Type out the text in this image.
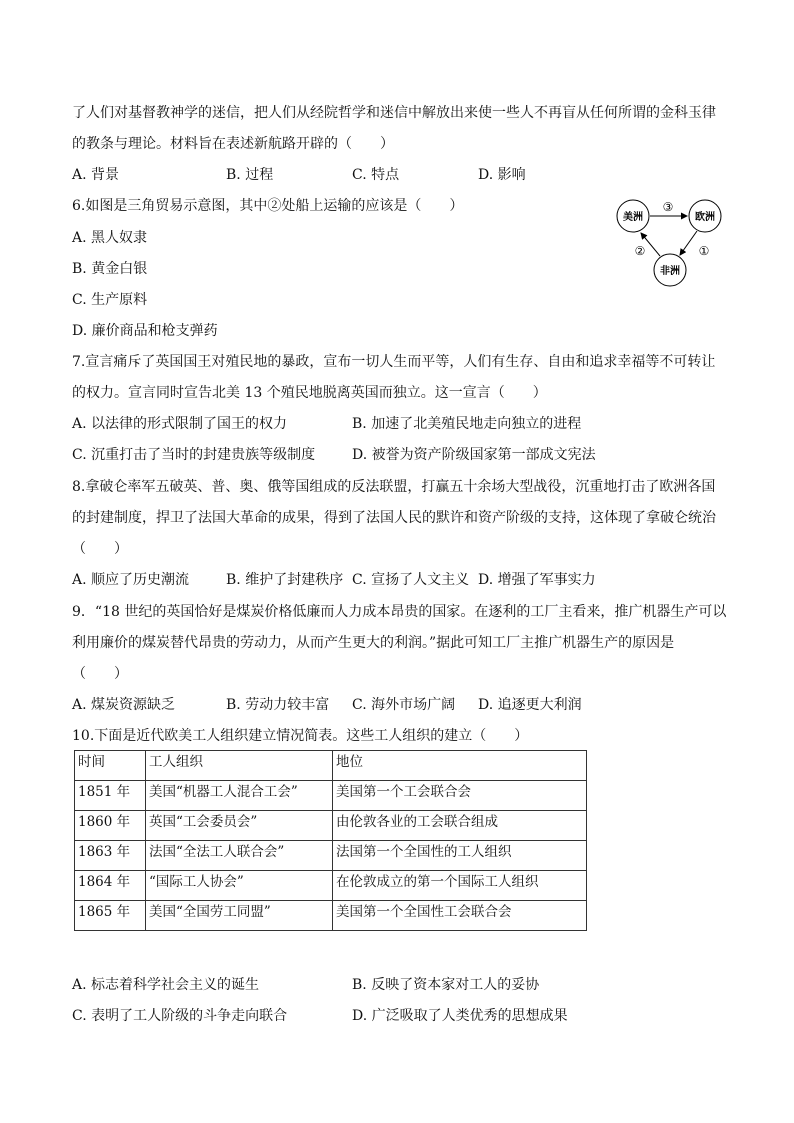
了人们对基督教神学的迷信，把人们从经院哲学和迷信中解放出来使一些人不再盲从任何所谓的金科玉律
的教条与理论。材料旨在表述新航路开辟的（　　）
A. 背景	B. 过程	C. 特点	D. 影响
6.如图是三角贸易示意图，其中②处船上运输的应该是（　　）
A. 黑人奴隶
B. 黄金白银
C. 生产原料
D. 廉价商品和枪支弹药
美洲	欧洲
非洲
③
①
②
7.宣言痛斥了英国国王对殖民地的暴政，宣布一切人生而平等，人们有生存、自由和追求幸福等不可转让
的权力。宣言同时宣告北美 13 个殖民地脱离英国而独立。这一宣言（　　）
A. 以法律的形式限制了国王的权力	B. 加速了北美殖民地走向独立的进程
C. 沉重打击了当时的封建贵族等级制度	D. 被誉为资产阶级国家第一部成文宪法
8.拿破仑率军五破英、普、奥、俄等国组成的反法联盟，打赢五十余场大型战役，沉重地打击了欧洲各国
的封建制度，捍卫了法国大革命的成果，得到了法国人民的默许和资产阶级的支持，这体现了拿破仑统治
（　　）
A. 顺应了历史潮流	B. 维护了封建秩序 C. 宣扬了人文主义 D. 增强了军事实力
9．“18 世纪的英国恰好是煤炭价格低廉而人力成本昂贵的国家。在逐利的工厂主看来，推广机器生产可以
利用廉价的煤炭替代昂贵的劳动力，从而产生更大的利润。”据此可知工厂主推广机器生产的原因是
（　　）
A. 煤炭资源缺乏	B. 劳动力较丰富 C. 海外市场广阔 D. 追逐更大利润
10.下面是近代欧美工人组织建立情况简表。这些工人组织的建立（　　）
时间	工人组织	地位
1851 年	美国“机器工人混合工会”	美国第一个工会联合会
1860 年	英国“工会委员会”	由伦敦各业的工会联合组成
1863 年	法国“全法工人联合会”	法国第一个全国性的工人组织
1864 年	“国际工人协会”	在伦敦成立的第一个国际工人组织
1865 年	美国“全国劳工同盟”	美国第一个全国性工会联合会
A. 标志着科学社会主义的诞生	B. 反映了资本家对工人的妥协
C. 表明了工人阶级的斗争走向联合	D. 广泛吸取了人类优秀的思想成果
